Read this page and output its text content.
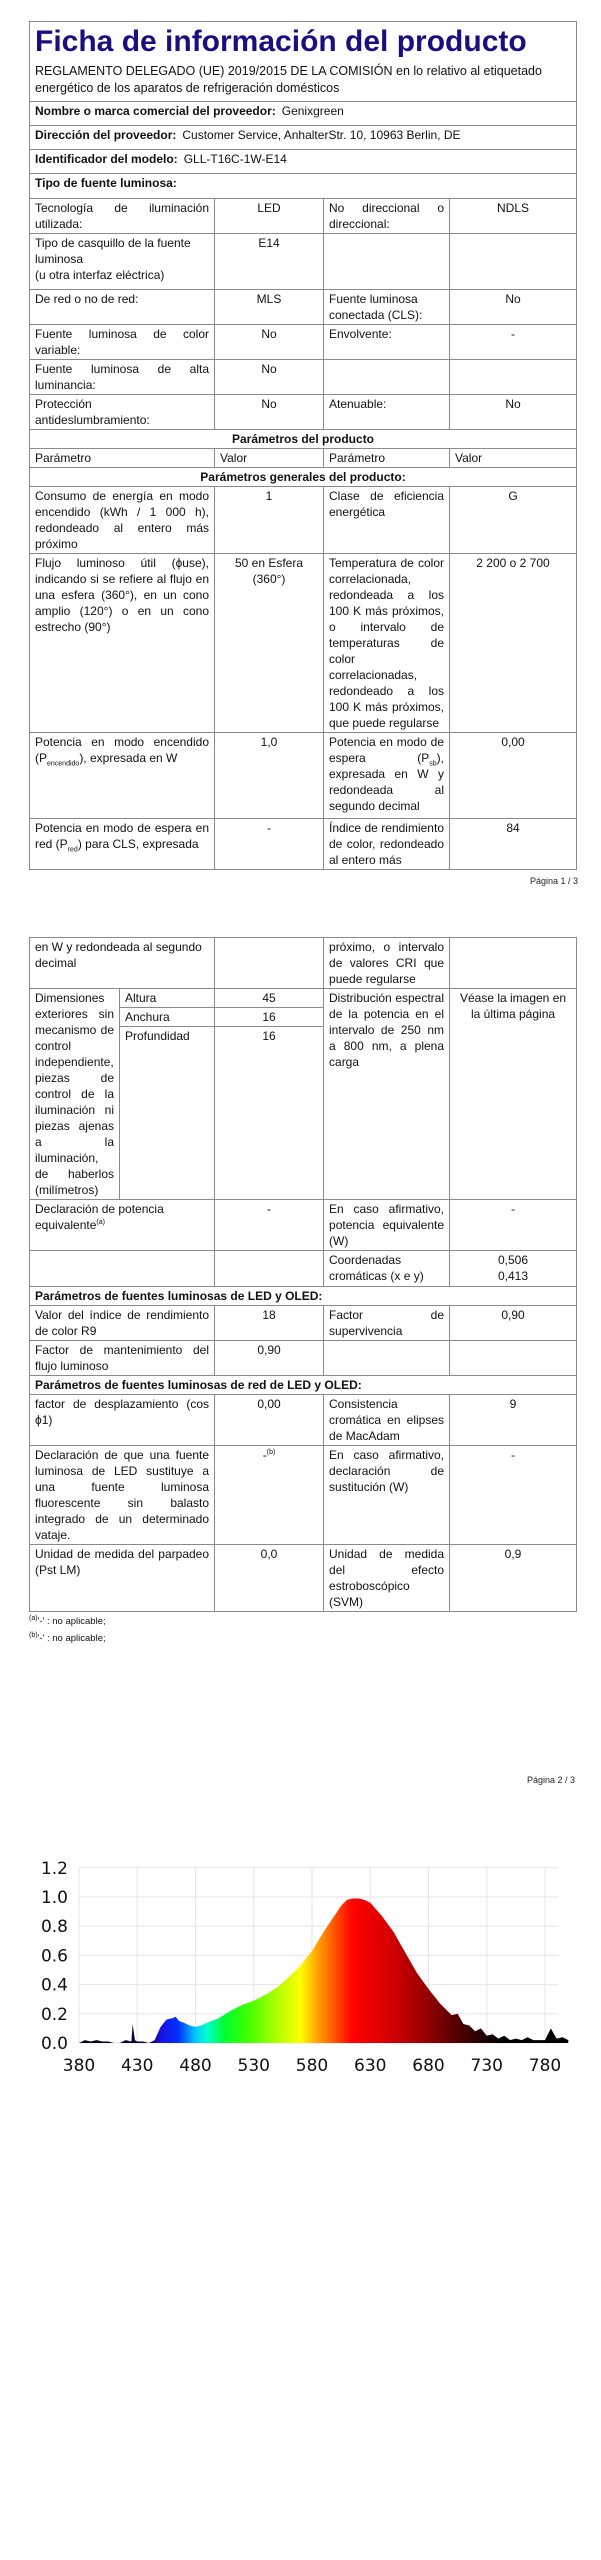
Ficha de información del producto
REGLAMENTO DELEGADO (UE) 2019/2015 DE LA COMISIÓN en lo relativo al etiquetado energético de los aparatos de refrigeración domésticos			

Nombre o marca comercial del proveedor: Genixgreen			
Dirección del proveedor: Customer Service, AnhalterStr. 10, 10963 Berlin, DE			
Identificador del modelo: GLL-T16C-1W-E14			
Tipo de fuente luminosa:			
Tecnología de iluminación utilizada:	LED	No direccional o direccional:	NDLS

Tipo de casquillo de la fuente luminosa
(u otra interfaz eléctrica)	E14		
De red o no de red:	MLS	Fuente luminosa conectada (CLS):	No
Fuente luminosa de color variable:	No	Envolvente:	-
Fuente luminosa de alta luminancia:	No		
Protección antideslumbramiento:	No	Atenuable:	No
Parámetros del producto			
Parámetro	Valor	Parámetro	Valor
Parámetros generales del producto:			
Consumo de energía en modo encendido (kWh / 1 000 h), redondeado al entero más próximo	1	Clase de eficiencia energética	G
Flujo luminoso útil (ϕuse), indicando si se refiere al flujo en una esfera (360°), en un cono amplio (120°) o en un cono estrecho (90°)	50 en Esfera (360°)	Temperatura de color correlacionada, redondeada a los 100 K más próximos, o intervalo de temperaturas de color correlacionadas, redondeado a los 100 K más próximos, que puede regularse	2 200 o 2 700
Potencia en modo encendido $(P_{encendido})$, expresada en W	1,0	Potencia en modo de espera $(P_{sb})$, expresada en W y redondeada al segundo decimal	0,00
Potencia en modo de espera en red $(P_{red})$ para CLS, expresada	-	Índice de rendimiento de color, redondeado al entero más	84
Página 1 / 3
en W y redondeada al segundo decimal			próximo, o intervalo de valores CRI que puede regularse	
Dimensiones exteriores sin mecanismo de control independiente, piezas de control de la iluminación ni piezas ajenas a la iluminación, de haberlos (milímetros)	Altura	45	Distribución espectral de la potencia en el intervalo de 250 nm a 800 nm, a plena carga	Véase la imagen en la última página
	Anchura	16		
	Profundidad	16		
Declaración de potencia equivalente$^{(a)}$		-	En caso afirmativo, potencia equivalente (W)	-
			Coordenadas cromáticas (x e y)	0,506
0,413

Parámetros de fuentes luminosas de LED y OLED:				
Valor del índice de rendimiento de color R9		18	Factor de supervivencia	0,90
Factor de mantenimiento del flujo luminoso		0,90		
Parámetros de fuentes luminosas de red de LED y OLED:				
factor de desplazamiento (cos ϕ1)		0,00	Consistencia cromática en elipses de MacAdam	9
Declaración de que una fuente luminosa de LED sustituye a una fuente luminosa fluorescente sin balasto integrado de un determinado vataje.		-$^{(b)}$	En caso afirmativo, declaración de sustitución (W)	-
Unidad de medida del parpadeo (Pst LM)		0,0	Unidad de medida del efecto estroboscópico (SVM)	0,9
$^{(a)}$'-' : no aplicable;
$^{(b)}$'-' : no aplicable;
Página 2 / 3
0.0
0.2
0.4
0.6
0.8
1.0
1.2
380 430 480 530 580 630 680 730 780
